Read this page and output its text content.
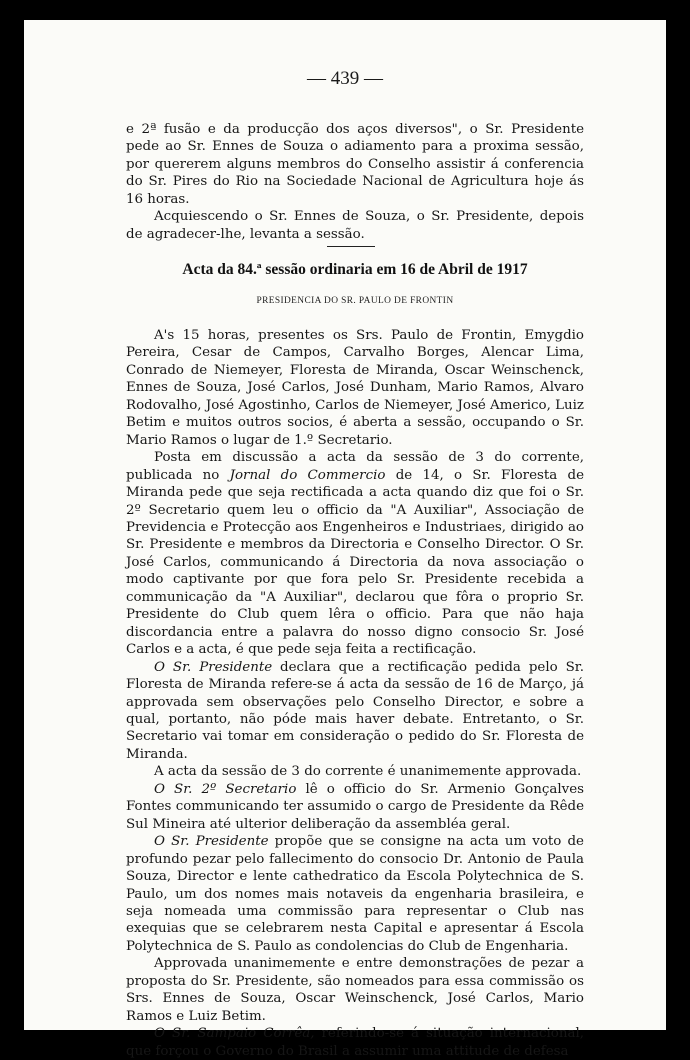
— 439 —

e 2ª fusão e da producção dos aços diversos", o Sr. Presidente pede ao Sr. Ennes de Souza o adiamento para a proxima sessão, por quererem alguns membros do Conselho assistir á conferencia do Sr. Pires do Rio na Sociedade Nacional de Agricultura hoje ás 16 horas.

Acquiescendo o Sr. Ennes de Souza, o Sr. Presidente, depois de agradecer-lhe, levanta a sessão.

Acta da 84.ª sessão ordinaria em 16 de Abril de 1917
PRESIDENCIA DO SR. PAULO DE FRONTIN

A's 15 horas, presentes os Srs. Paulo de Frontin, Emygdio Pereira, Cesar de Campos, Carvalho Borges, Alencar Lima, Conrado de Niemeyer, Floresta de Miranda, Oscar Weinschenck, Ennes de Souza, José Carlos, José Dunham, Mario Ramos, Alvaro Rodovalho, José Agostinho, Carlos de Niemeyer, José Americo, Luiz Betim e muitos outros socios, é aberta a sessão, occupando o Sr. Mario Ramos o lugar de 1.º Secretario.

Posta em discussão a acta da sessão de 3 do corrente, publicada no Jornal do Commercio de 14, o Sr. Floresta de Miranda pede que seja rectificada a acta quando diz que foi o Sr. 2º Secretario quem leu o officio da "A Auxiliar", Associação de Previdencia e Protecção aos Engenheiros e Industriaes, dirigido ao Sr. Presidente e membros da Directoria e Conselho Director. O Sr. José Carlos, communicando á Directoria da nova associação o modo captivante por que fora pelo Sr. Presidente recebida a communicação da "A Auxiliar", declarou que fôra o proprio Sr. Presidente do Club quem lêra o officio. Para que não haja discordancia entre a palavra do nosso digno consocio Sr. José Carlos e a acta, é que pede seja feita a rectificação.

O Sr. Presidente declara que a rectificação pedida pelo Sr. Floresta de Miranda refere-se á acta da sessão de 16 de Março, já approvada sem observações pelo Conselho Director, e sobre a qual, portanto, não póde mais haver debate. Entretanto, o Sr. Secretario vai tomar em consideração o pedido do Sr. Floresta de Miranda.

A acta da sessão de 3 do corrente é unanimemente approvada.

O Sr. 2º Secretario lê o officio do Sr. Armenio Gonçalves Fontes communicando ter assumido o cargo de Presidente da Rêde Sul Mineira até ulterior deliberação da assembléa geral.

O Sr. Presidente propõe que se consigne na acta um voto de profundo pezar pelo fallecimento do consocio Dr. Antonio de Paula Souza, Director e lente cathedratico da Escola Polytechnica de S. Paulo, um dos nomes mais notaveis da engenharia brasileira, e seja nomeada uma commissão para representar o Club nas exequias que se celebrarem nesta Capital e apresentar á Escola Polytechnica de S. Paulo as condolencias do Club de Engenharia.

Approvada unanimemente e entre demonstrações de pezar a proposta do Sr. Presidente, são nomeados para essa commissão os Srs. Ennes de Souza, Oscar Weinschenck, José Carlos, Mario Ramos e Luiz Betim.

O Sr. Sampaio Corrêa, referindo-se á situação internacional, que forçou o Governo do Brasil a assumir uma attitude de defesa
